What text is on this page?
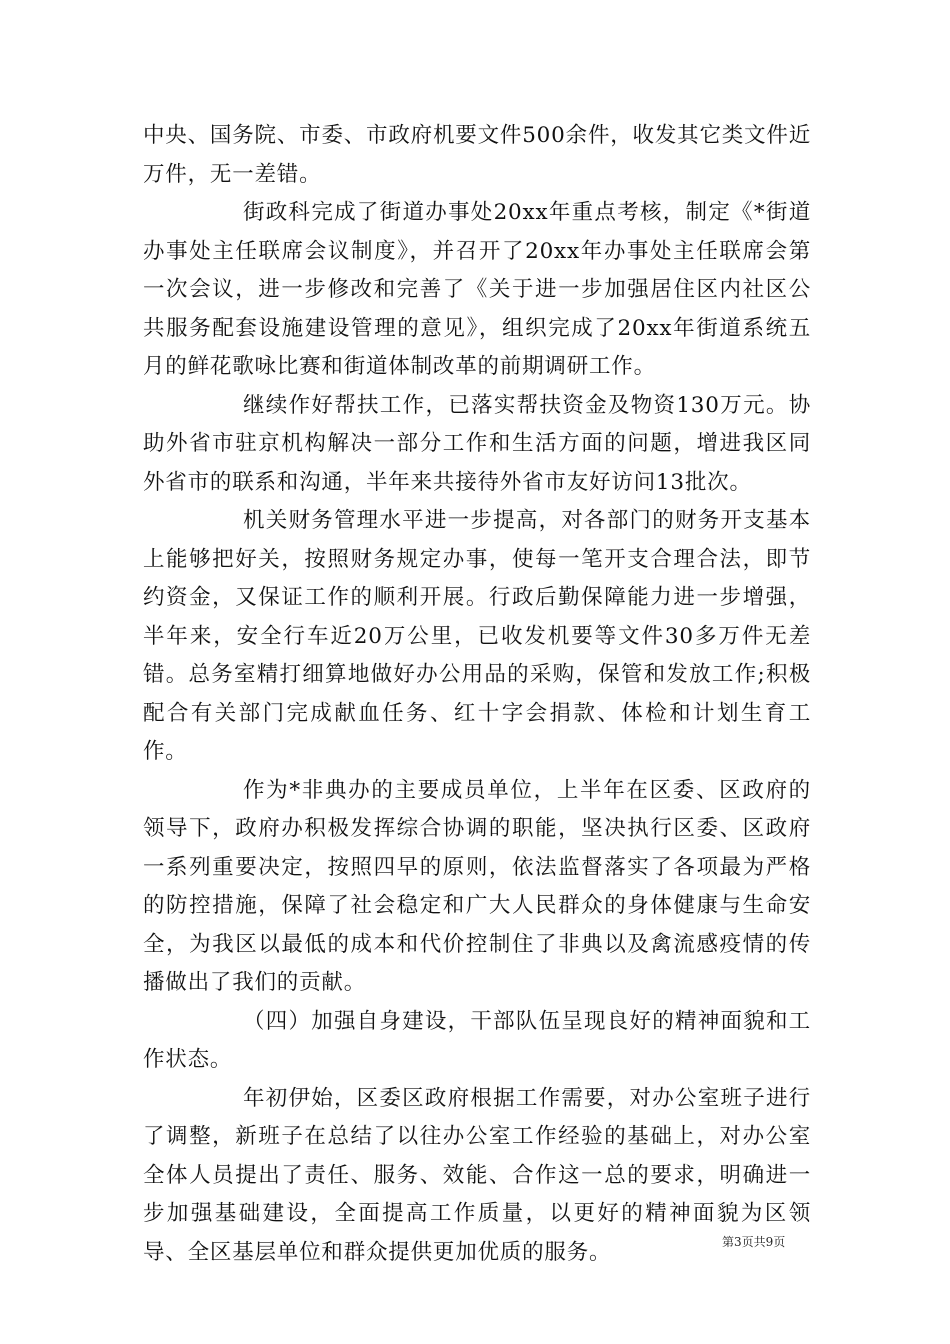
中央、国务院、市委、市政府机要文件500余件，收发其它类文件近万件，无一差错。

街政科完成了街道办事处20xx年重点考核，制定《*街道办事处主任联席会议制度》，并召开了20xx年办事处主任联席会第一次会议，进一步修改和完善了《关于进一步加强居住区内社区公共服务配套设施建设管理的意见》，组织完成了20xx年街道系统五月的鲜花歌咏比赛和街道体制改革的前期调研工作。

继续作好帮扶工作，已落实帮扶资金及物资130万元。协助外省市驻京机构解决一部分工作和生活方面的问题，增进我区同外省市的联系和沟通，半年来共接待外省市友好访问13批次。

机关财务管理水平进一步提高，对各部门的财务开支基本上能够把好关，按照财务规定办事，使每一笔开支合理合法，即节约资金，又保证工作的顺利开展。行政后勤保障能力进一步增强，半年来，安全行车近20万公里，已收发机要等文件30多万件无差错。总务室精打细算地做好办公用品的采购，保管和发放工作;积极配合有关部门完成献血任务、红十字会捐款、体检和计划生育工作。

作为*非典办的主要成员单位，上半年在区委、区政府的领导下，政府办积极发挥综合协调的职能，坚决执行区委、区政府一系列重要决定，按照四早的原则，依法监督落实了各项最为严格的防控措施，保障了社会稳定和广大人民群众的身体健康与生命安全，为我区以最低的成本和代价控制住了非典以及禽流感疫情的传播做出了我们的贡献。

（四）加强自身建设，干部队伍呈现良好的精神面貌和工作状态。

年初伊始，区委区政府根据工作需要，对办公室班子进行了调整，新班子在总结了以往办公室工作经验的基础上，对办公室全体人员提出了责任、服务、效能、合作这一总的要求，明确进一步加强基础建设，全面提高工作质量，以更好的精神面貌为区领导、全区基层单位和群众提供更加优质的服务。	第3页共9页
